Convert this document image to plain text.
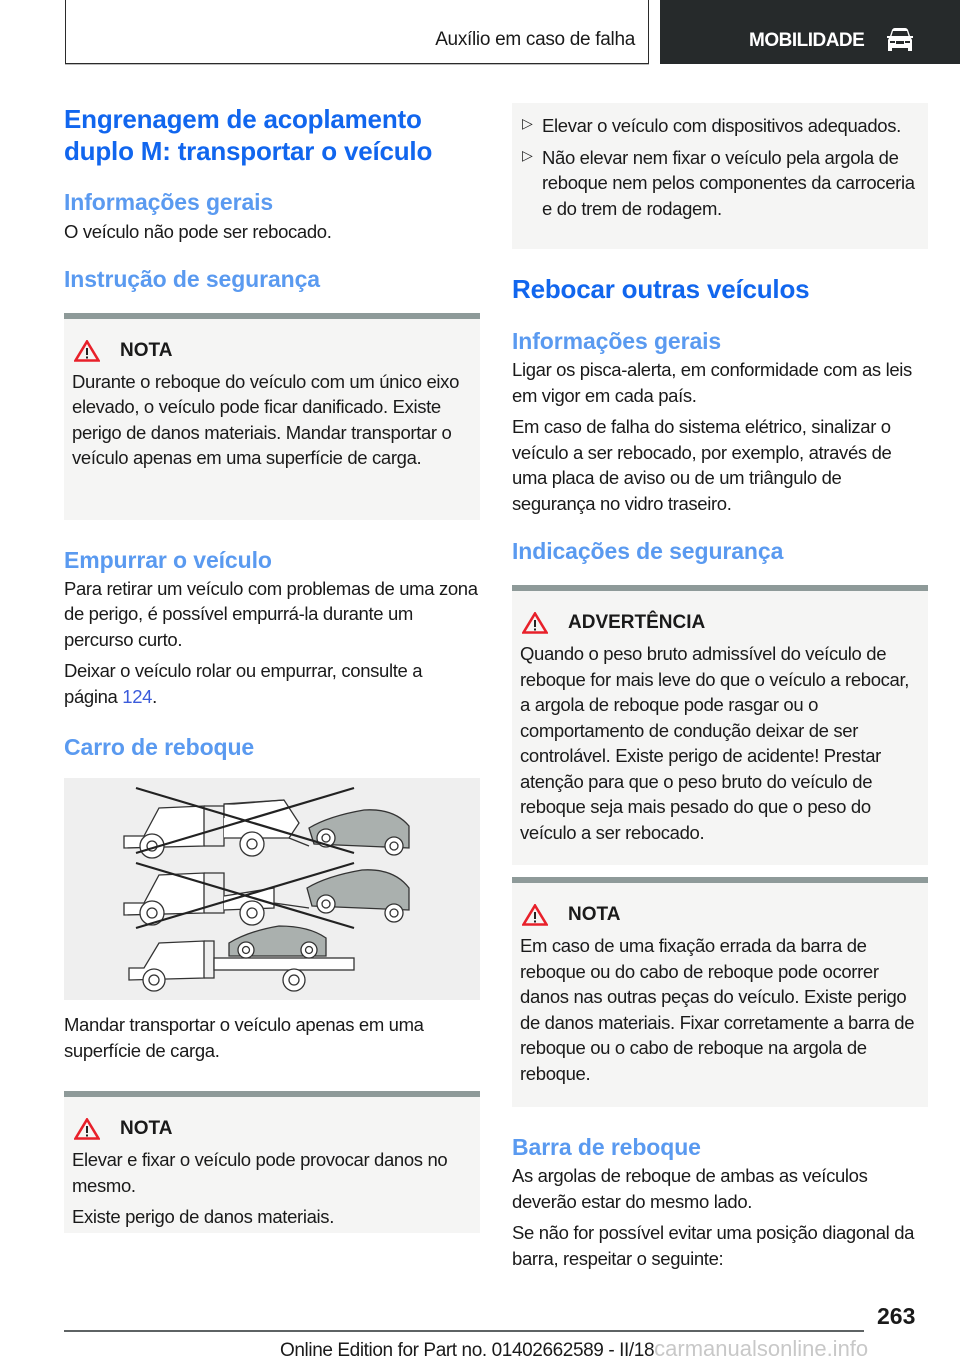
Auxílio em caso de falha	MOBILIDADE
Engrenagem de acoplamento
duplo M: transportar o veículo
Informações gerais
O veículo não pode ser rebocado.
Instrução de segurança
NOTA
Durante o reboque do veículo com um único eixo elevado, o veículo pode ficar danificado. Existe perigo de danos materiais. Mandar transportar o veículo apenas em uma superfície de carga.
Empurrar o veículo
Para retirar um veículo com problemas de uma zona de perigo, é possível empurrá-la durante um percurso curto.
Deixar o veículo rolar ou empurrar, consulte a página 124.
Carro de reboque
Mandar transportar o veículo apenas em uma superfície de carga.
NOTA
Elevar e fixar o veículo pode provocar danos no mesmo.
Existe perigo de danos materiais.
▷ Elevar o veículo com dispositivos adequados.
▷ Não elevar nem fixar o veículo pela argola de reboque nem pelos componentes da carroceria e do trem de rodagem.
Rebocar outras veículos
Informações gerais
Ligar os pisca-alerta, em conformidade com as leis em vigor em cada país.
Em caso de falha do sistema elétrico, sinalizar o veículo a ser rebocado, por exemplo, através de uma placa de aviso ou de um triângulo de segurança no vidro traseiro.
Indicações de segurança
ADVERTÊNCIA
Quando o peso bruto admissível do veículo de reboque for mais leve do que o veículo a rebocar, a argola de reboque pode rasgar ou o comportamento de condução deixar de ser controlável. Existe perigo de acidente! Prestar atenção para que o peso bruto do veículo de reboque seja mais pesado do que o peso do veículo a ser rebocado.
NOTA
Em caso de uma fixação errada da barra de reboque ou do cabo de reboque pode ocorrer danos nas outras peças do veículo. Existe perigo de danos materiais. Fixar corretamente a barra de reboque ou o cabo de reboque na argola de reboque.
Barra de reboque
As argolas de reboque de ambas as veículos deverão estar do mesmo lado.
Se não for possível evitar uma posição diagonal da barra, respeitar o seguinte:
263
Online Edition for Part no. 01402662589 - II/18carmanualsonline.info
